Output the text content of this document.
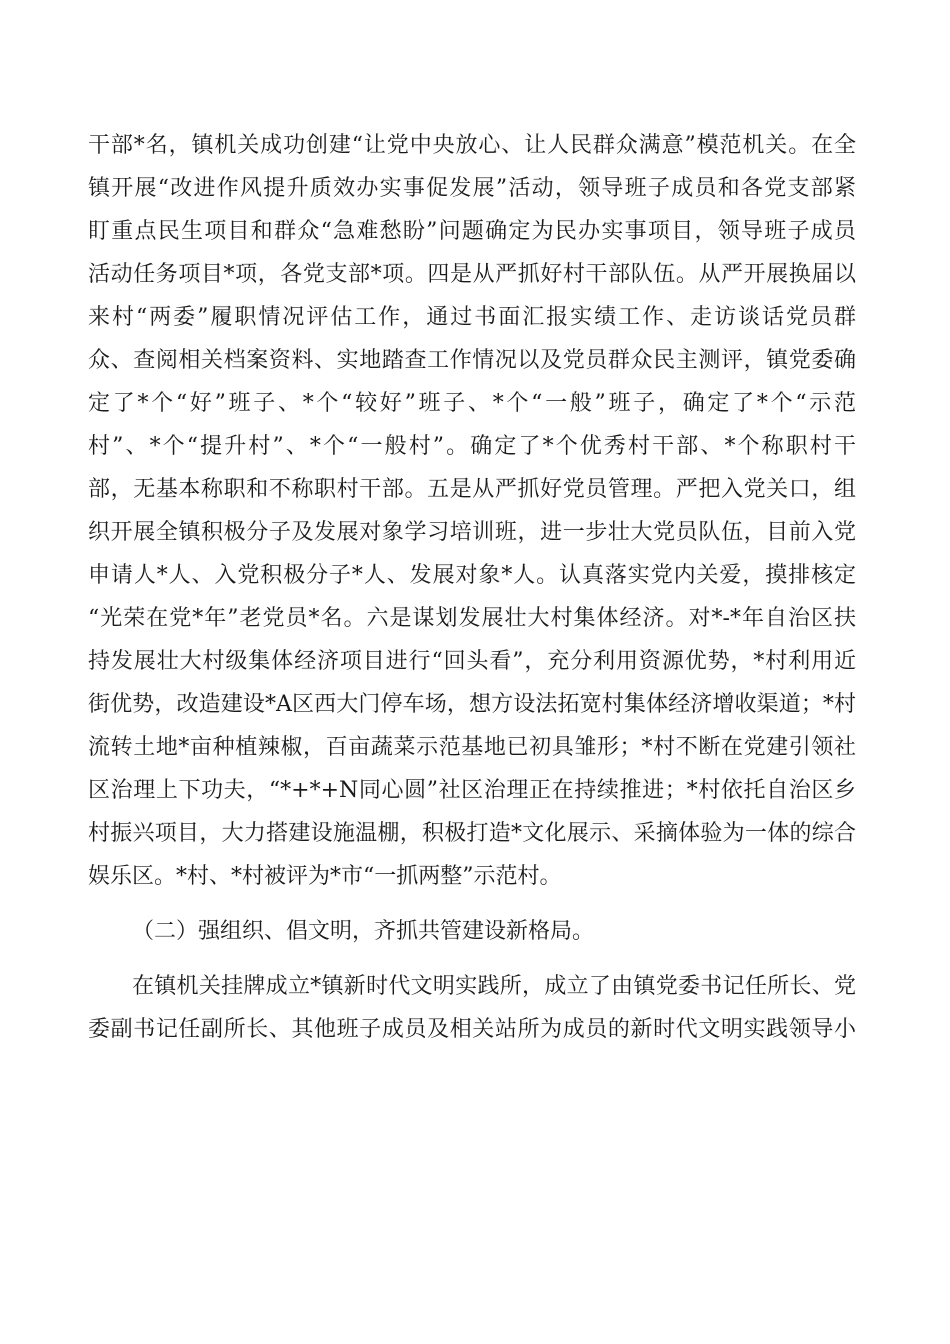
干部*名，镇机关成功创建“让党中央放心、让人民群众满意”模范机关。在全
镇开展“改进作风提升质效办实事促发展”活动，领导班子成员和各党支部紧
盯重点民生项目和群众“急难愁盼”问题确定为民办实事项目，领导班子成员
活动任务项目*项，各党支部*项。四是从严抓好村干部队伍。从严开展换届以
来村“两委”履职情况评估工作，通过书面汇报实绩工作、走访谈话党员群
众、查阅相关档案资料、实地踏查工作情况以及党员群众民主测评，镇党委确
定了*个“好”班子、*个“较好”班子、*个“一般”班子，确定了*个“示范
村”、*个“提升村”、*个“一般村”。确定了*个优秀村干部、*个称职村干
部，无基本称职和不称职村干部。五是从严抓好党员管理。严把入党关口，组
织开展全镇积极分子及发展对象学习培训班，进一步壮大党员队伍，目前入党
申请人*人、入党积极分子*人、发展对象*人。认真落实党内关爱，摸排核定
“光荣在党*年”老党员*名。六是谋划发展壮大村集体经济。对*-*年自治区扶
持发展壮大村级集体经济项目进行“回头看”，充分利用资源优势，*村利用近
街优势，改造建设*A区西大门停车场，想方设法拓宽村集体经济增收渠道；*村
流转土地*亩种植辣椒，百亩蔬菜示范基地已初具雏形；*村不断在党建引领社
区治理上下功夫，“*+*+N同心圆”社区治理正在持续推进；*村依托自治区乡
村振兴项目，大力搭建设施温棚，积极打造*文化展示、采摘体验为一体的综合
娱乐区。*村、*村被评为*市“一抓两整”示范村。
（二）强组织、倡文明，齐抓共管建设新格局。
在镇机关挂牌成立*镇新时代文明实践所，成立了由镇党委书记任所长、党
委副书记任副所长、其他班子成员及相关站所为成员的新时代文明实践领导小
